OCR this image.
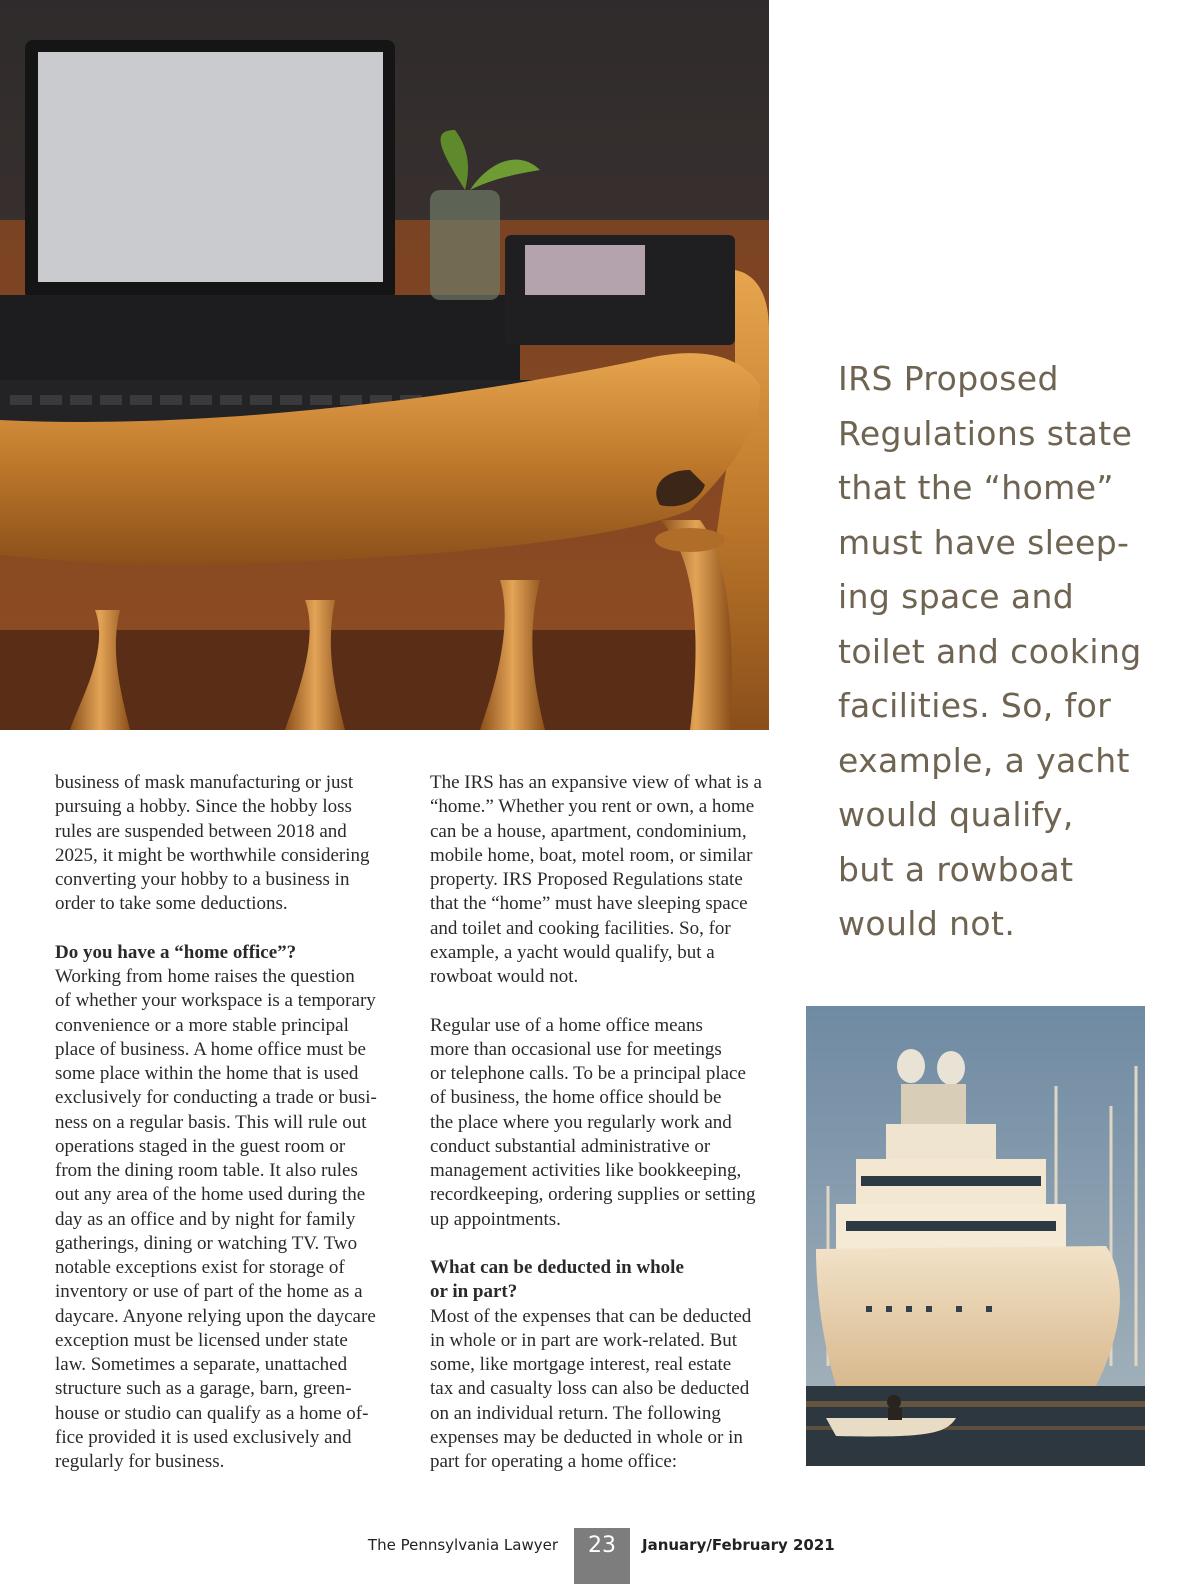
IRS Proposed
Regulations state
that the “home”
must have sleep-
ing space and
toilet and cooking
facilities. So, for
example, a yacht
would qualify,
but a rowboat
would not.
business of mask manufacturing or just
pursuing a hobby. Since the hobby loss
rules are suspended between 2018 and
2025, it might be worthwhile considering
converting your hobby to a business in
order to take some deductions.
Do you have a “home office”?
Working from home raises the question
of whether your workspace is a temporary
convenience or a more stable principal
place of business. A home office must be
some place within the home that is used
exclusively for conducting a trade or busi-
ness on a regular basis. This will rule out
operations staged in the guest room or
from the dining room table. It also rules
out any area of the home used during the
day as an office and by night for family
gatherings, dining or watching TV. Two
notable exceptions exist for storage of
inventory or use of part of the home as a
daycare. Anyone relying upon the daycare
exception must be licensed under state
law. Sometimes a separate, unattached
structure such as a garage, barn, green-
house or studio can qualify as a home of-
fice provided it is used exclusively and
regularly for business.
The IRS has an expansive view of what is a
“home.” Whether you rent or own, a home
can be a house, apartment, condominium,
mobile home, boat, motel room, or similar
property. IRS Proposed Regulations state
that the “home” must have sleeping space
and toilet and cooking facilities. So, for
example, a yacht would qualify, but a
rowboat would not.
Regular use of a home office means
more than occasional use for meetings
or telephone calls. To be a principal place
of business, the home office should be
the place where you regularly work and
conduct substantial administrative or
management activities like bookkeeping,
recordkeeping, ordering supplies or setting
up appointments.
What can be deducted in whole
or in part?
Most of the expenses that can be deducted
in whole or in part are work-related. But
some, like mortgage interest, real estate
tax and casualty loss can also be deducted
on an individual return. The following
expenses may be deducted in whole or in
part for operating a home office:
The Pennsylvania Lawyer	23	January/February 2021
